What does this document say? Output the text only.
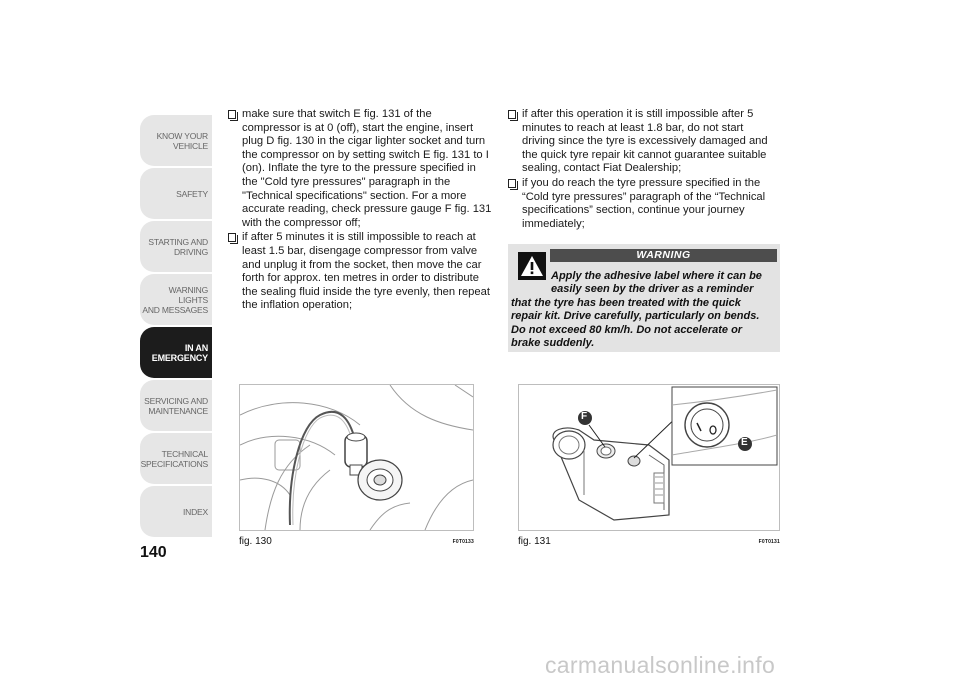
KNOW YOUR
VEHICLE
SAFETY
STARTING AND
DRIVING
WARNING LIGHTS
AND MESSAGES
IN AN
EMERGENCY
SERVICING AND
MAINTENANCE
TECHNICAL
SPECIFICATIONS
INDEX
140
make sure that switch E fig. 131 of the compressor is at 0 (off), start the engine, insert plug D fig. 130 in the cigar lighter socket and turn the compressor on by setting switch E fig. 131 to I (on). Inflate the tyre to the pressure specified in the "Cold tyre pressures" paragraph in the "Technical specifications" section. For a more accurate reading, check pressure gauge F fig. 131 with the compressor off;
if after 5 minutes it is still impossible to reach at least 1.5 bar, disengage compressor from valve and unplug it from the socket, then move the car forth for approx. ten metres in order to distribute the sealing fluid inside the tyre evenly, then repeat the inflation operation;
if after this operation it is still impossible after 5 minutes to reach at least 1.8 bar, do not start driving since the tyre is excessively damaged and the quick tyre repair kit cannot guarantee suitable sealing, contact Fiat Dealership;
if you do reach the tyre pressure specified in the “Cold tyre pressures” paragraph of the “Technical specifications” section, continue your journey immediately;
WARNING
Apply the adhesive label where it can be easily seen by the driver as a reminder
that the tyre has been treated with the quick repair kit. Drive carefully, particularly on bends. Do not exceed 80 km/h. Do not accelerate or brake suddenly.
fig. 130	F0T0133
F
E
fig. 131	F0T0131
carmanualsonline.info
